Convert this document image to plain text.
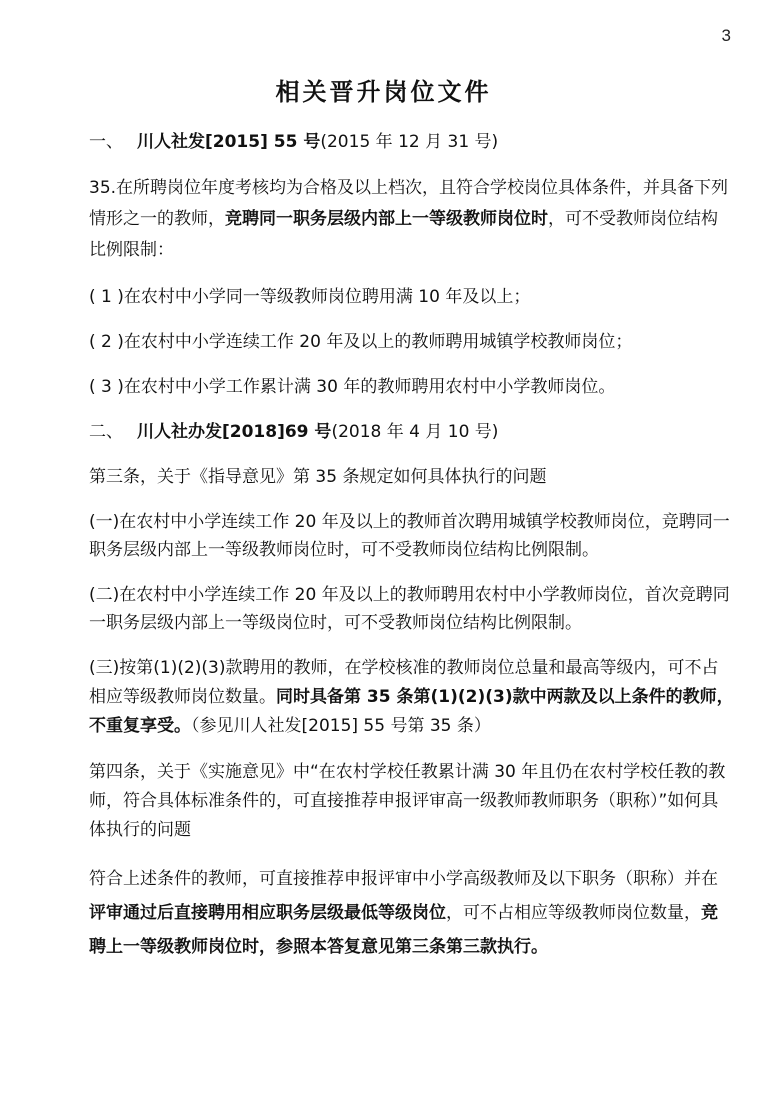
3
相关晋升岗位文件

一、 川人社发[2015] 55 号(2015 年 12 月 31 号)

35.在所聘岗位年度考核均为合格及以上档次，且符合学校岗位具体条件，并具备下列情形之一的教师，竞聘同一职务层级内部上一等级教师岗位时，可不受教师岗位结构比例限制：

( 1 )在农村中小学同一等级教师岗位聘用满 10 年及以上；

( 2 )在农村中小学连续工作 20 年及以上的教师聘用城镇学校教师岗位；

( 3 )在农村中小学工作累计满 30 年的教师聘用农村中小学教师岗位。

二、 川人社办发[2018]69 号(2018 年 4 月 10 号)

第三条，关于《指导意见》第 35 条规定如何具体执行的问题

(一)在农村中小学连续工作 20 年及以上的教师首次聘用城镇学校教师岗位，竞聘同一职务层级内部上一等级教师岗位时，可不受教师岗位结构比例限制。

(二)在农村中小学连续工作 20 年及以上的教师聘用农村中小学教师岗位，首次竞聘同一职务层级内部上一等级岗位时，可不受教师岗位结构比例限制。

(三)按第(1)(2)(3)款聘用的教师，在学校核准的教师岗位总量和最高等级内，可不占相应等级教师岗位数量。同时具备第 35 条第(1)(2)(3)款中两款及以上条件的教师，不重复享受。（参见川人社发[2015] 55 号第 35 条）

第四条，关于《实施意见》中“在农村学校任教累计满 30 年且仍在农村学校任教的教师，符合具体标准条件的，可直接推荐申报评审高一级教师教师职务（职称）”如何具体执行的问题

符合上述条件的教师，可直接推荐申报评审中小学高级教师及以下职务（职称）并在评审通过后直接聘用相应职务层级最低等级岗位，可不占相应等级教师岗位数量，竞聘上一等级教师岗位时，参照本答复意见第三条第三款执行。
